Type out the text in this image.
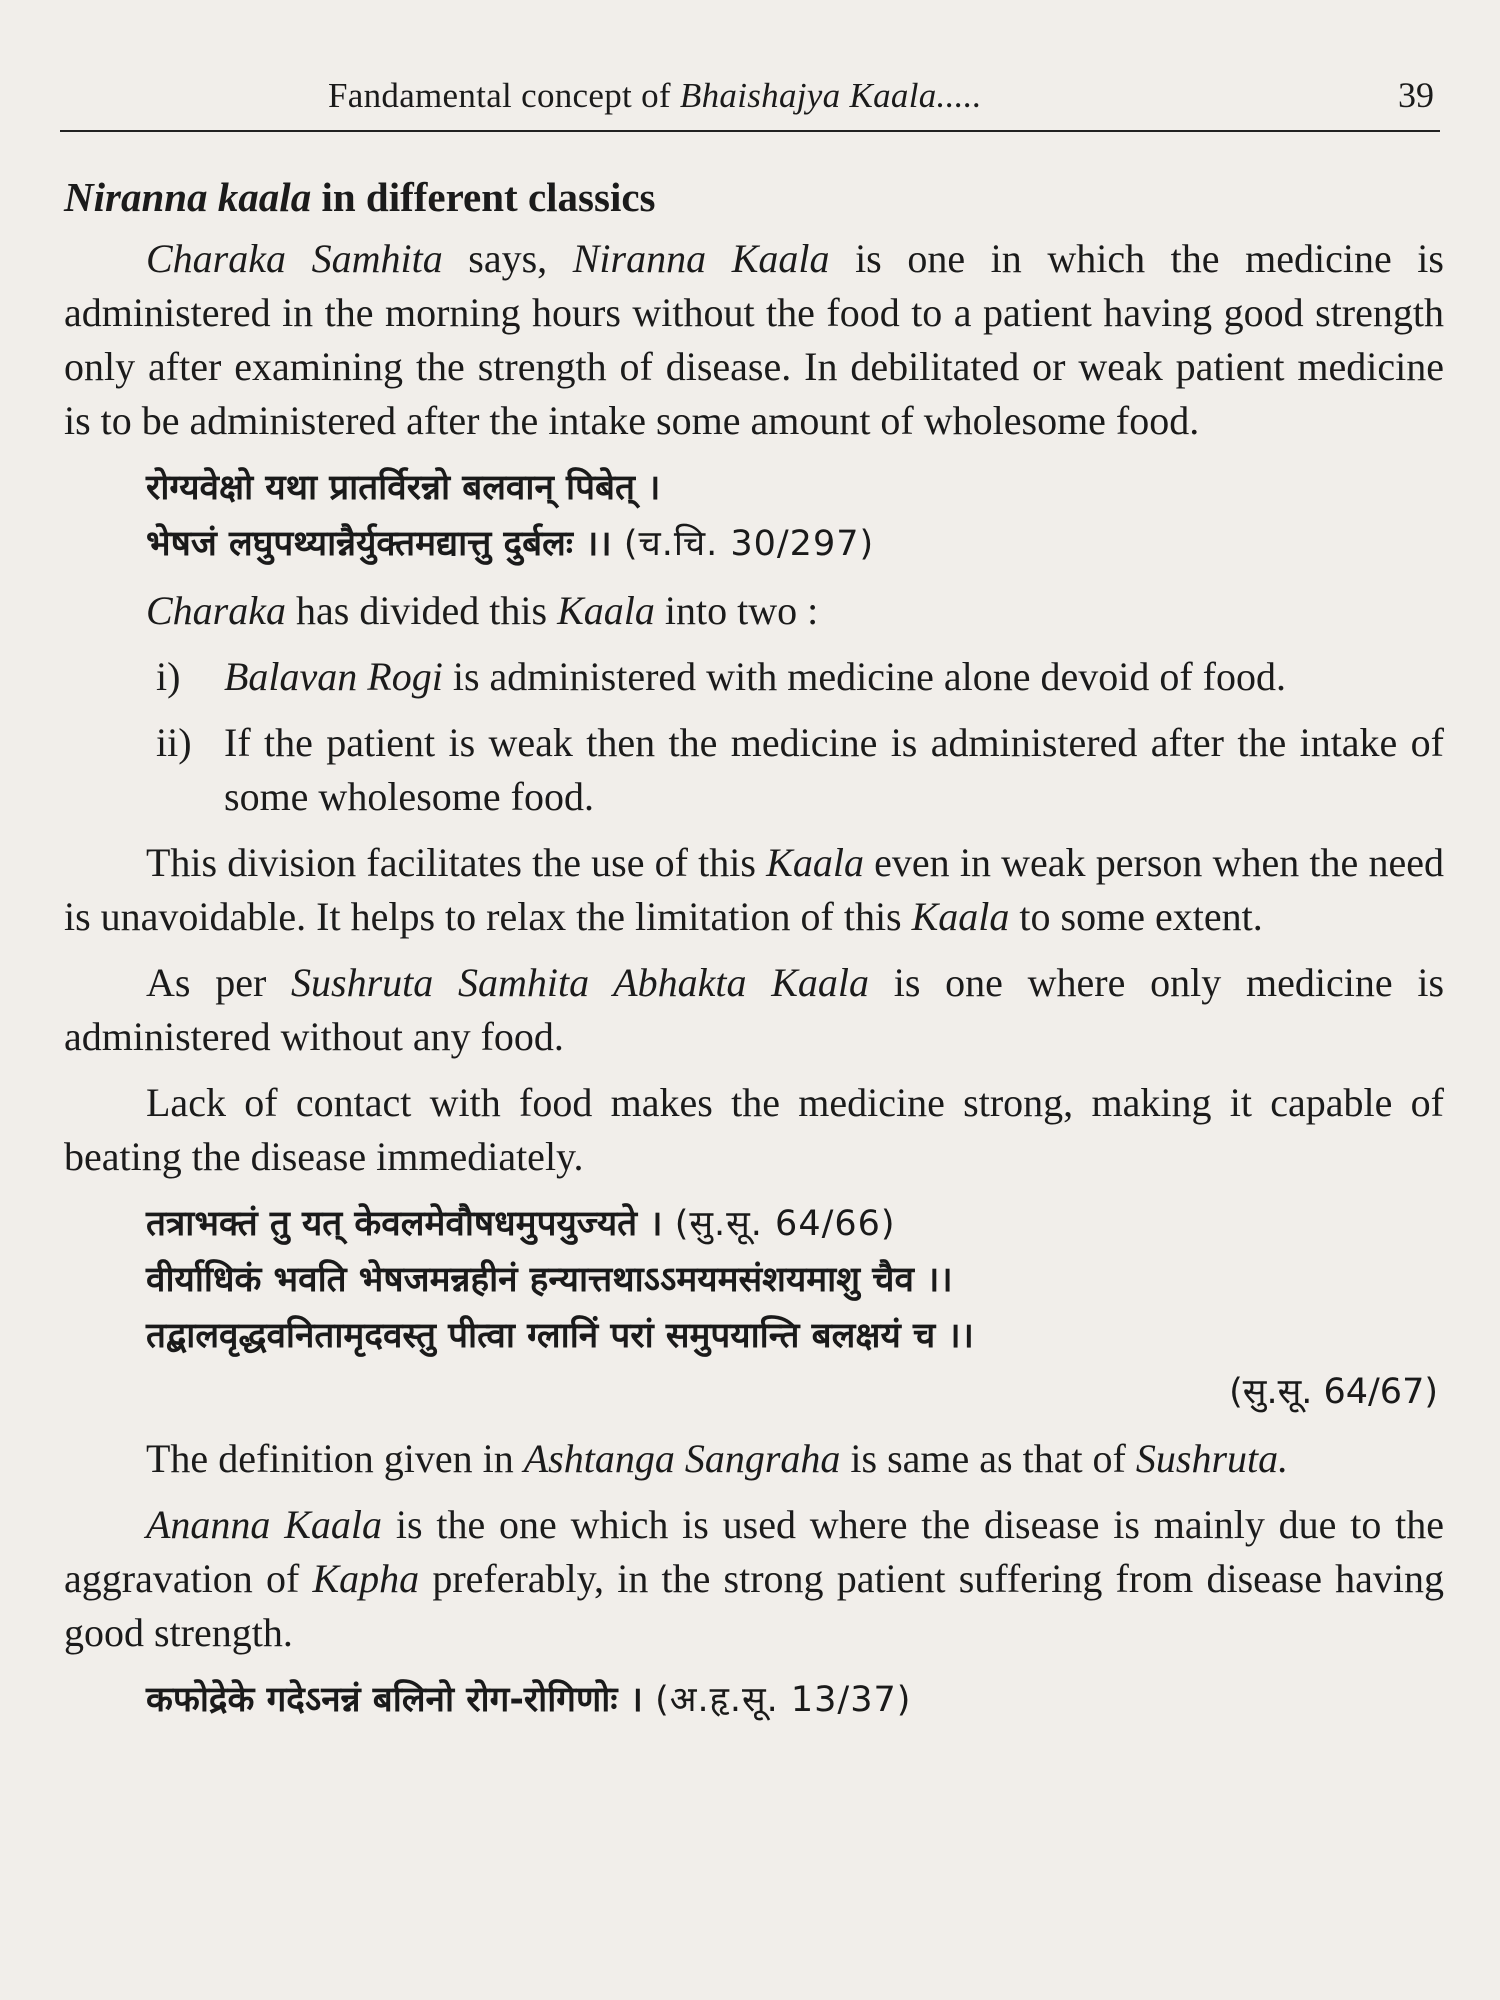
Fandamental concept of Bhaishajya Kaala.....	39
Niranna kaala in different classics

Charaka Samhita says, Niranna Kaala is one in which the medicine is administered in the morning hours without the food to a patient having good strength only after examining the strength of disease. In debilitated or weak patient medicine is to be administered after the intake some amount of wholesome food.

रोग्यवेक्षो यथा प्रातर्विरन्नो बलवान् पिबेत् ।
भेषजं लघुपथ्यान्नैर्युक्तमद्यात्तु दुर्बलः ।। (च.चि. 30/297)

Charaka has divided this Kaala into two :

i) Balavan Rogi is administered with medicine alone devoid of food.
ii) If the patient is weak then the medicine is administered after the intake of some wholesome food.

This division facilitates the use of this Kaala even in weak person when the need is unavoidable. It helps to relax the limitation of this Kaala to some extent.

As per Sushruta Samhita Abhakta Kaala is one where only medicine is administered without any food.

Lack of contact with food makes the medicine strong, making it capable of beating the disease immediately.

तत्राभक्तं तु यत् केवलमेवौषधमुपयुज्यते । (सु.सू. 64/66)
वीर्याधिकं भवति भेषजमन्नहीनं हन्यात्तथाऽऽमयमसंशयमाशु चैव ।।
तद्बालवृद्धवनितामृदवस्तु पीत्वा ग्लानिं परां समुपयान्ति बलक्षयं च ।।
(सु.सू. 64/67)

The definition given in Ashtanga Sangraha is same as that of Sushruta.

Ananna Kaala is the one which is used where the disease is mainly due to the aggravation of Kapha preferably, in the strong patient suffering from disease having good strength.

कफोद्रेके गदेऽनन्नं बलिनो रोग-रोगिणोः । (अ.हृ.सू. 13/37)
